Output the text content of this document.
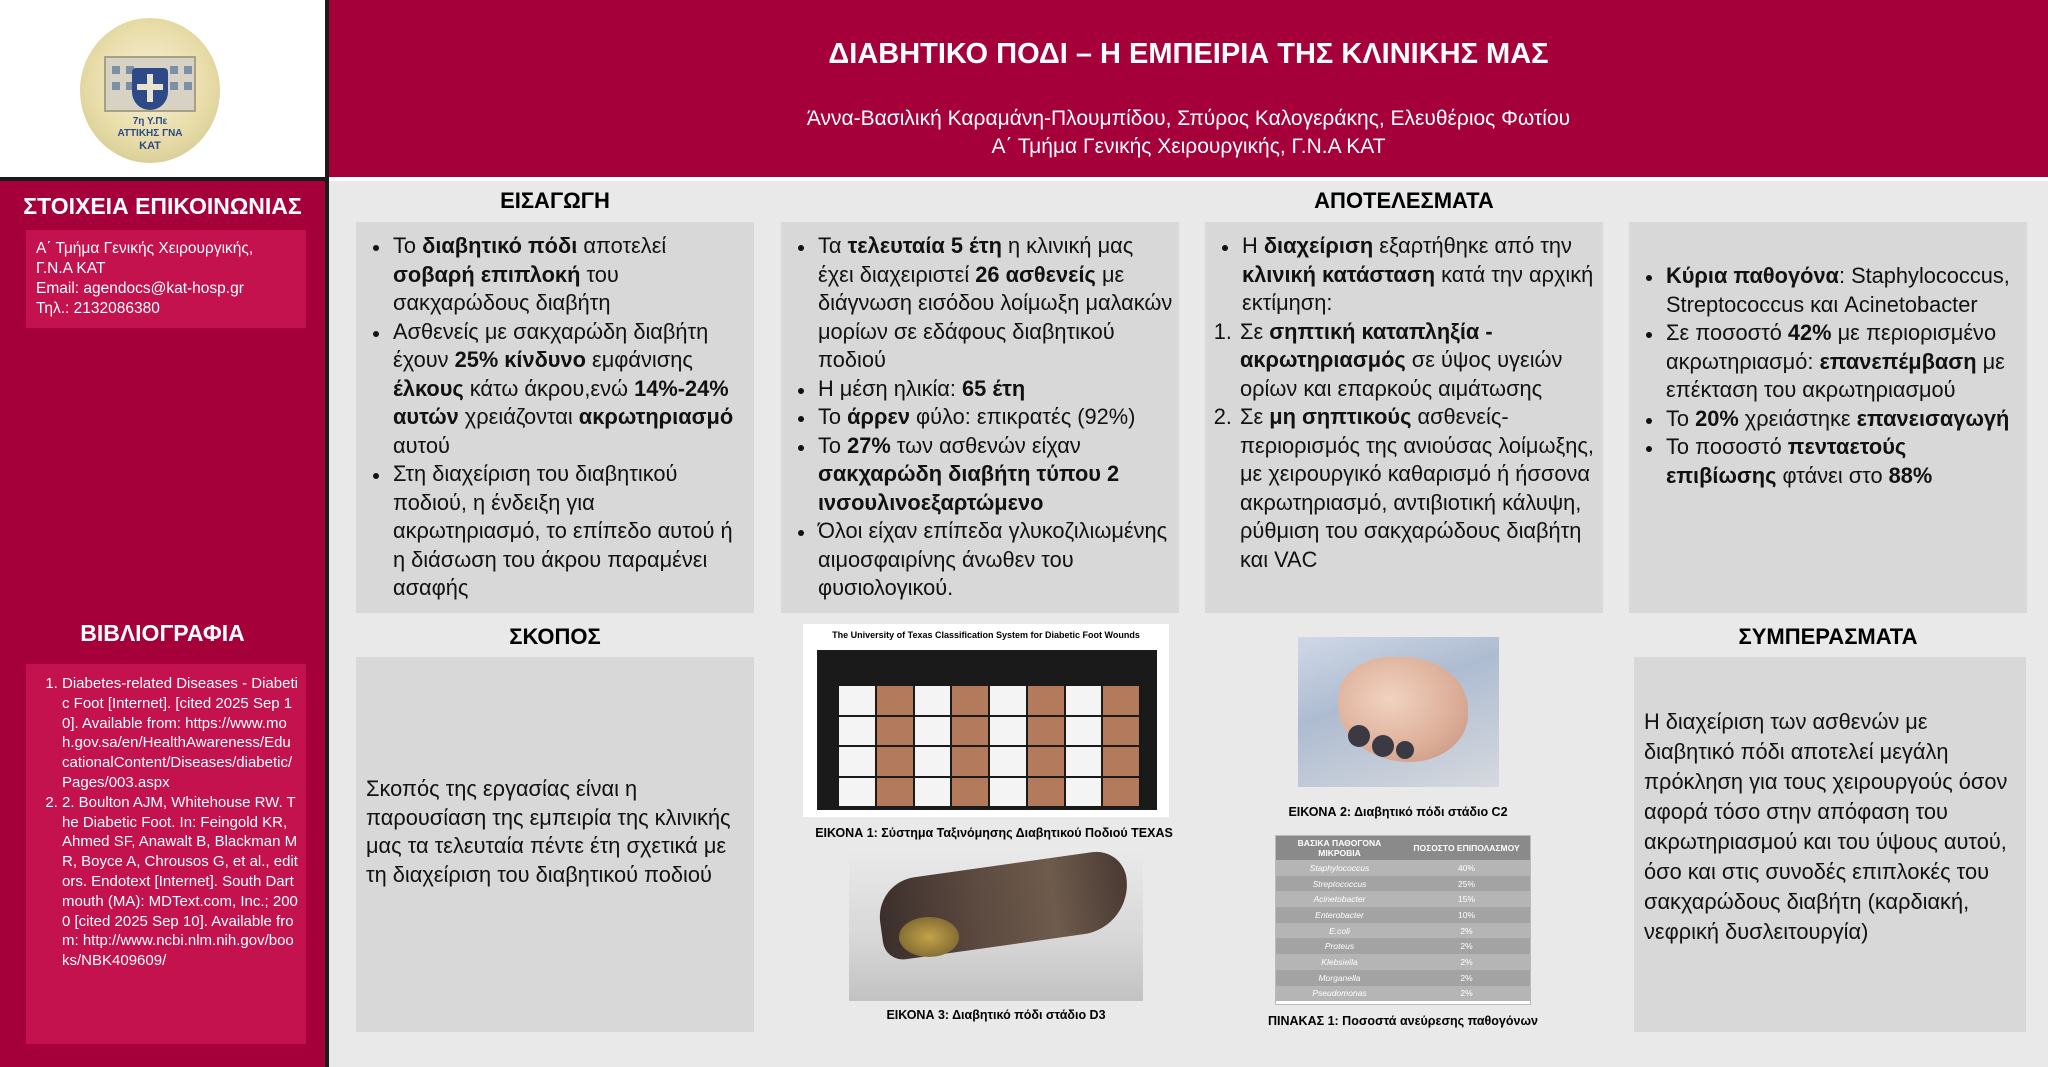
7η Υ.Πε
ΑΤΤΙΚΗΣ ΓΝΑ
ΚΑΤ
ΣΤΟΙΧΕΙΑ ΕΠΙΚΟΙΝΩΝΙΑΣ
Α΄ Τμήμα Γενικής Χειρουργικής,
Γ.Ν.Α ΚΑΤ
Email: agendocs@kat-hosp.gr
Τηλ.: 2132086380
ΒΙΒΛΙΟΓΡΑΦΙΑ
1. Diabetes-related Diseases - Diabetic Foot [Internet]. [cited 2025 Sep 10]. Available from: https://www.moh.gov.sa/en/HealthAwareness/EducationalContent/Diseases/diabetic/Pages/003.aspx
2. 2. Boulton AJM, Whitehouse RW. The Diabetic Foot. In: Feingold KR, Ahmed SF, Anawalt B, Blackman MR, Boyce A, Chrousos G, et al., editors. Endotext [Internet]. South Dartmouth (MA): MDText.com, Inc.; 2000 [cited 2025 Sep 10]. Available from: http://www.ncbi.nlm.nih.gov/books/NBK409609/
ΔΙΑΒΗΤΙΚΟ ΠΟΔΙ – Η ΕΜΠΕΙΡΙΑ ΤΗΣ ΚΛΙΝΙΚΗΣ ΜΑΣ
Άννα-Βασιλική Καραμάνη-Πλουμπίδου, Σπύρος Καλογεράκης, Ελευθέριος Φωτίου
Α΄ Τμήμα Γενικής Χειρουργικής, Γ.Ν.Α ΚΑΤ
ΕΙΣΑΓΩΓΗ	ΑΠΟΤΕΛΕΣΜΑΤΑ
ΣΚΟΠΟΣ	ΣΥΜΠΕΡΑΣΜΑΤΑ
• Το διαβητικό πόδι αποτελεί σοβαρή επιπλοκή του σακχαρώδους διαβήτη
• Ασθενείς με σακχαρώδη διαβήτη έχουν 25% κίνδυνο εμφάνισης έλκους κάτω άκρου,ενώ 14%-24% αυτών χρειάζονται ακρωτηριασμό αυτού
• Στη διαχείριση του διαβητικού ποδιού, η ένδειξη για ακρωτηριασμό, το επίπεδο αυτού ή η διάσωση του άκρου παραμένει ασαφής
• Τα τελευταία 5 έτη η κλινική μας έχει διαχειριστεί 26 ασθενείς με διάγνωση εισόδου λοίμωξη μαλακών μορίων σε εδάφους διαβητικού ποδιού
• Η μέση ηλικία: 65 έτη
• Το άρρεν φύλο: επικρατές (92%)
• Το 27% των ασθενών είχαν σακχαρώδη διαβήτη τύπου 2 ινσουλινοεξαρτώμενο
• Όλοι είχαν επίπεδα γλυκοζιλιωμένης αιμοσφαιρίνης άνωθεν του φυσιολογικού.
• Η διαχείριση εξαρτήθηκε από την κλινική κατάσταση κατά την αρχική εκτίμηση:
1. Σε σηπτική καταπληξία - ακρωτηριασμός σε ύψος υγειών ορίων και επαρκούς αιμάτωσης
2. Σε μη σηπτικούς ασθενείς- περιορισμός της ανιούσας λοίμωξης, με χειρουργικό καθαρισμό ή ήσσονα ακρωτηριασμό, αντιβιοτική κάλυψη, ρύθμιση του σακχαρώδους διαβήτη και VAC
• Κύρια παθογόνα: Staphylococcus, Streptococcus και Acinetobacter
• Σε ποσοστό 42% με περιορισμένο ακρωτηριασμό: επανεπέμβαση με επέκταση του ακρωτηριασμού
• Το 20% χρειάστηκε επανεισαγωγή
• Το ποσοστό πενταετούς επιβίωσης φτάνει στο 88%

Σκοπός της εργασίας είναι η παρουσίαση της εμπειρία της κλινικής μας τα τελευταία πέντε έτη σχετικά με τη διαχείριση του διαβητικού ποδιού

Η διαχείριση των ασθενών με διαβητικό πόδι αποτελεί μεγάλη πρόκληση για τους χειρουργούς όσον αφορά τόσο στην απόφαση του ακρωτηριασμού και του ύψους αυτού, όσο και στις συνοδές επιπλοκές του σακχαρώδους διαβήτη (καρδιακή, νεφρική δυσλειτουργία)

The University of Texas Classification System for Diabetic Foot Wounds
ΕΙΚΟΝΑ 1: Σύστημα Ταξινόμησης Διαβητικού Ποδιού TEXAS
ΕΙΚΟΝΑ 2: Διαβητικό πόδι στάδιο C2
ΕΙΚΟΝΑ 3: Διαβητικό πόδι στάδιο D3
ΒΑΣΙΚΑ ΠΑΘΟΓΟΝΑ ΜΙΚΡΟΒΙΑ	ΠΟΣΟΣΤΟ ΕΠΙΠΟΛΑΣΜΟΥ
Staphylococcus	40%
Streptococcus	25%
Acinetobacter	15%
Enterobacter	10%
E.coli	2%
Proteus	2%
Klebsiella	2%
Morganella	2%
Pseudomonas	2%
ΠΙΝΑΚΑΣ 1: Ποσοστά ανεύρεσης παθογόνων
